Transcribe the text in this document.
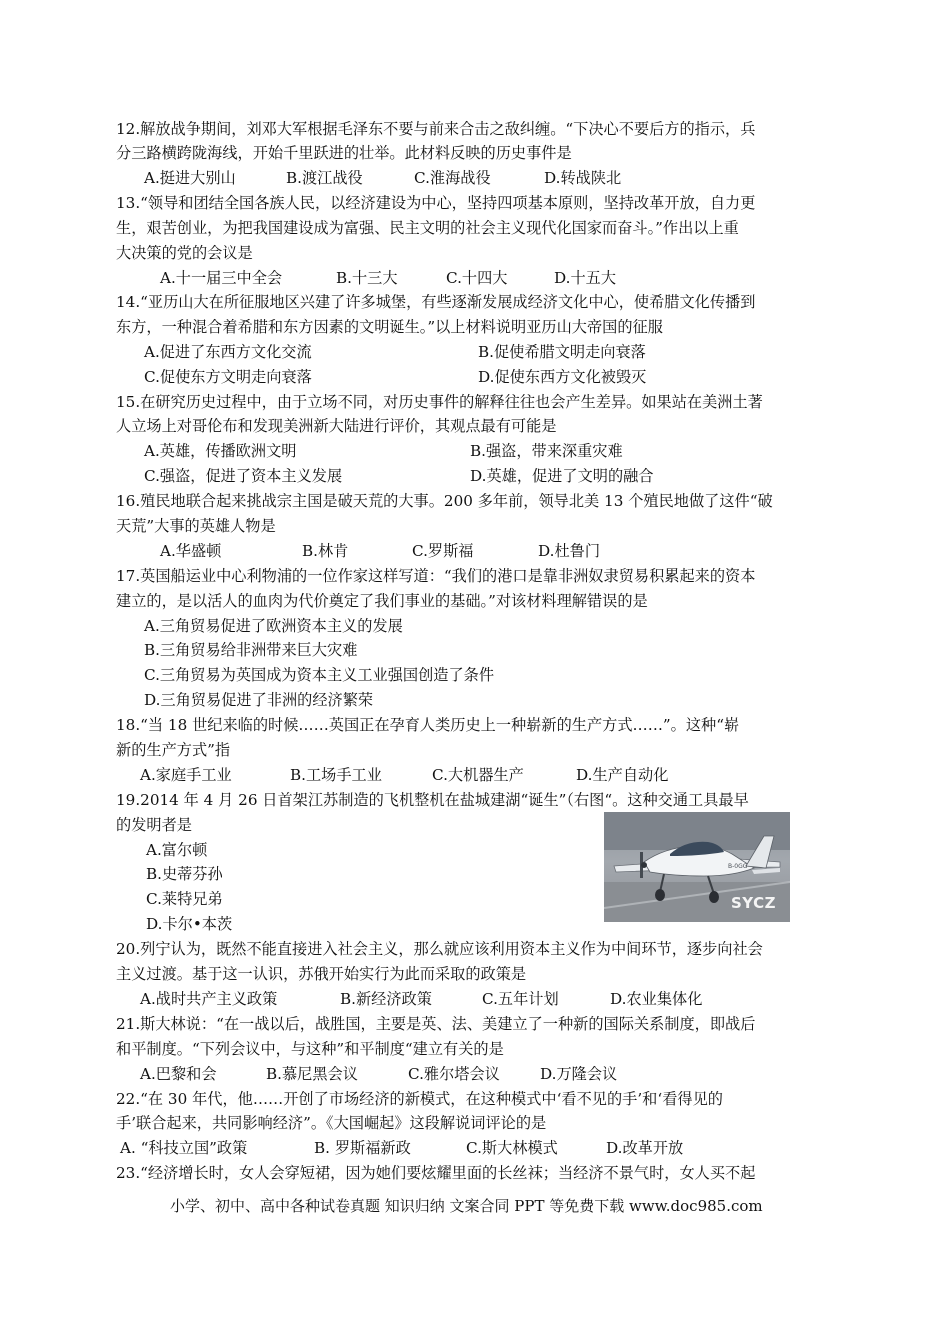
12.解放战争期间，刘邓大军根据毛泽东不要与前来合击之敌纠缠。“下决心不要后方的指示，兵
分三路横跨陇海线，开始千里跃进的壮举。此材料反映的历史事件是
A.挺进大别山	B.渡江战役	C.淮海战役	D.转战陕北
13.“领导和团结全国各族人民，以经济建设为中心，坚持四项基本原则，坚持改革开放，自力更
生，艰苦创业，为把我国建设成为富强、民主文明的社会主义现代化国家而奋斗。”作出以上重
大决策的党的会议是
A.十一届三中全会	B.十三大	C.十四大	D.十五大
14.“亚历山大在所征服地区兴建了许多城堡，有些逐渐发展成经济文化中心，使希腊文化传播到
东方，一种混合着希腊和东方因素的文明诞生。”以上材料说明亚历山大帝国的征服
A.促进了东西方文化交流	B.促使希腊文明走向衰落
C.促使东方文明走向衰落	D.促使东西方文化被毁灭
15.在研究历史过程中，由于立场不同，对历史事件的解释往往也会产生差异。如果站在美洲土著
人立场上对哥伦布和发现美洲新大陆进行评价，其观点最有可能是
A.英雄，传播欧洲文明	B.强盗，带来深重灾难
C.强盗，促进了资本主义发展	D.英雄，促进了文明的融合
16.殖民地联合起来挑战宗主国是破天荒的大事。200 多年前，领导北美 13 个殖民地做了这件“破
天荒”大事的英雄人物是
A.华盛顿	B.林肯	C.罗斯福	D.杜鲁门
17.英国船运业中心利物浦的一位作家这样写道：“我们的港口是靠非洲奴隶贸易积累起来的资本
建立的，是以活人的血肉为代价奠定了我们事业的基础。”对该材料理解错误的是
A.三角贸易促进了欧洲资本主义的发展
B.三角贸易给非洲带来巨大灾难
C.三角贸易为英国成为资本主义工业强国创造了条件
D.三角贸易促进了非洲的经济繁荣
18.“当 18 世纪来临的时候……英国正在孕育人类历史上一种崭新的生产方式……”。这种“崭
新的生产方式”指
A.家庭手工业	B.工场手工业	C.大机器生产	D.生产自动化
19.2014 年 4 月 26 日首架江苏制造的飞机整机在盐城建湖“诞生”（右图“。这种交通工具最早
的发明者是
A.富尔顿
B.史蒂芬孙
C.莱特兄弟
D.卡尔•本茨
B-0GG
SYCZ
20.列宁认为，既然不能直接进入社会主义，那么就应该利用资本主义作为中间环节，逐步向社会
主义过渡。基于这一认识，苏俄开始实行为此而采取的政策是
A.战时共产主义政策	B.新经济政策	C.五年计划	D.农业集体化
21.斯大林说：“在一战以后，战胜国，主要是英、法、美建立了一种新的国际关系制度，即战后
和平制度。“下列会议中，与这种”和平制度“建立有关的是
A.巴黎和会	B.慕尼黑会议	C.雅尔塔会议	D.万隆会议
22.“在 30 年代，他……开创了市场经济的新模式，在这种模式中‘看不见的手’和‘看得见的
手’联合起来，共同影响经济”。《大国崛起》这段解说词评论的是
A. “科技立国”政策	B. 罗斯福新政	C.斯大林模式	D.改革开放
23.“经济增长时，女人会穿短裙，因为她们要炫耀里面的长丝袜；当经济不景气时，女人买不起
小学、初中、高中各种试卷真题 知识归纳 文案合同 PPT 等免费下载 www.doc985.com
